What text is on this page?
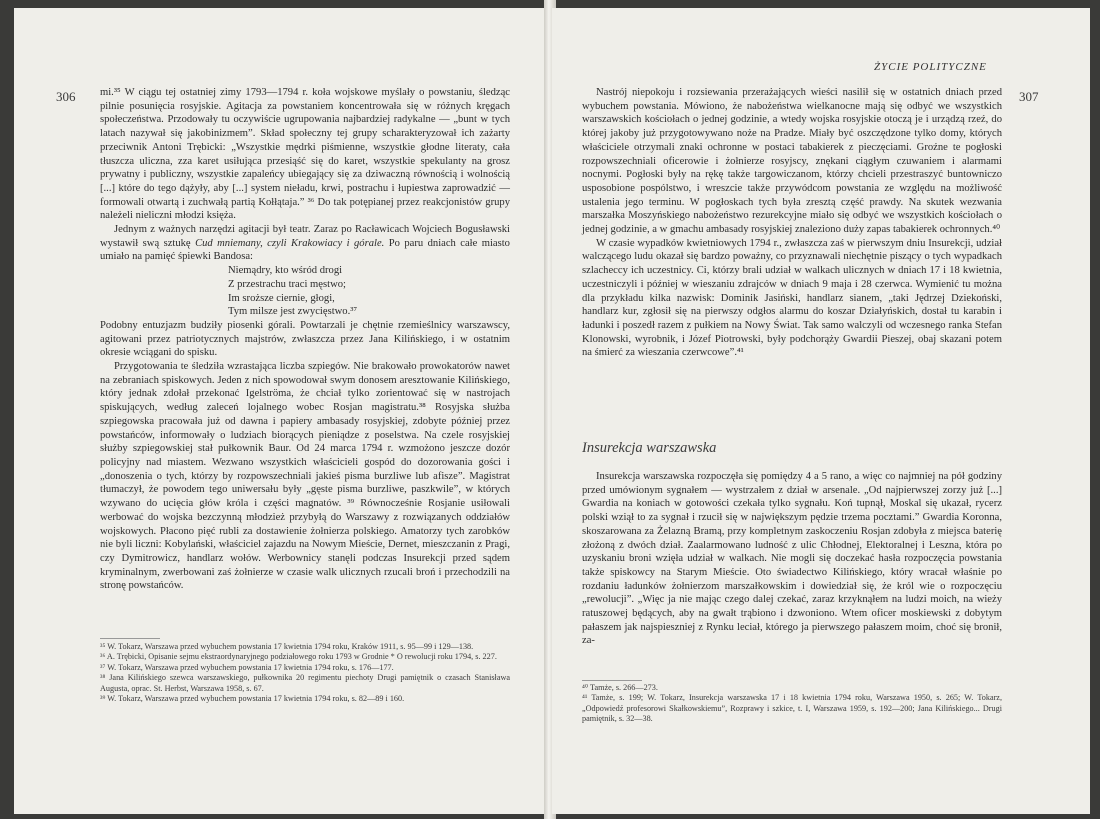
306 mi.³⁵ W ciągu tej ostatniej zimy 1793—1794 r. koła wojskowe myślały o powstaniu, śledząc pilnie posunięcia rosyjskie. Agitacja za powstaniem koncentrowała się w różnych kręgach społeczeństwa. Przodowały tu oczywiście ugrupowania najbardziej radykalne — „bunt w tych latach nazywał się jakobinizmem”. Skład społeczny tej grupy scharakteryzował ich zażarty przeciwnik Antoni Trębicki: „Wszystkie mędrki piśmienne, wszystkie głodne literaty, cała tłuszcza uliczna, zza karet usiłująca przesiąść się do karet, wszystkie spekulanty na grosz prywatny i publiczny, wszystkie zapaleńcy ubiegający się za dziwaczną równością i wolnością [...] które do tego dążyły, aby [...] system nieładu, krwi, postrachu i łupiestwa zaprowadzić — formowali otwartą i zuchwałą partią Kołłątaja.” ³⁶ Do tak potępianej przez reakcjonistów grupy należeli nieliczni młodzi księża.

Jednym z ważnych narzędzi agitacji był teatr. Zaraz po Racławicach Wojciech Bogusławski wystawił swą sztukę Cud mniemany, czyli Krakowiacy i górale. Po paru dniach całe miasto umiało na pamięć śpiewki Bandosa:

Niemądry, kto wśród drogi
Z przestrachu traci męstwo;
Im sroższe ciernie, głogi,
Tym milsze jest zwycięstwo.³⁷

Podobny entuzjazm budziły piosenki górali. Powtarzali je chętnie rzemieślnicy warszawscy, agitowani przez patriotycznych majstrów, zwłaszcza przez Jana Kilińskiego, i w ostatnim okresie wciągani do spisku.

Przygotowania te śledziła wzrastająca liczba szpiegów. Nie brakowało prowokatorów nawet na zebraniach spiskowych. Jeden z nich spowodował swym donosem aresztowanie Kilińskiego, który jednak zdołał przekonać Igelströma, że chciał tylko zorientować się w nastrojach spiskujących, według zaleceń lojalnego wobec Rosjan magistratu.³⁸ Rosyjska służba szpiegowska pracowała już od dawna i papiery ambasady rosyjskiej, zdobyte później przez powstańców, informowały o ludziach biorących pieniądze z poselstwa. Na czele rosyjskiej służby szpiegowskiej stał pułkownik Baur. Od 24 marca 1794 r. wzmożono jeszcze dozór policyjny nad miastem. Wezwano wszystkich właścicieli gospód do dozorowania gości i „donoszenia o tych, którzy by rozpowszechniali jakieś pisma burzliwe lub afisze”. Magistrat tłumaczył, że powodem tego uniwersału były „gęste pisma burzliwe, paszkwile”, w których wzywano do ucięcia głów króla i części magnatów. ³⁹ Równocześnie Rosjanie usiłowali werbować do wojska bezczynną młodzież przybyłą do Warszawy z rozwiązanych oddziałów wojskowych. Płacono pięć rubli za dostawienie żołnierza polskiego. Amatorzy tych zarobków nie byli liczni: Kobylański, właściciel zajazdu na Nowym Mieście, Dernet, mieszczanin z Pragi, czy Dymitrowicz, handlarz wołów. Werbownicy stanęli podczas Insurekcji przed sądem kryminalnym, zwerbowani zaś żołnierze w czasie walk ulicznych rzucali broń i przechodzili na stronę powstańców.

³⁵ W. Tokarz, Warszawa przed wybuchem powstania 17 kwietnia 1794 roku, Kraków 1911, s. 95—99 i 129—138.

³⁶ A. Trębicki, Opisanie sejmu ekstraordynaryjnego podziałowego roku 1793 w Grodnie * O rewolucji roku 1794, s. 227.

³⁷ W. Tokarz, Warszawa przed wybuchem powstania 17 kwietnia 1794 roku, s. 176—177.

³⁸ Jana Kilińskiego szewca warszawskiego, pułkownika 20 regimentu piechoty Drugi pamiętnik o czasach Stanisława Augusta, oprac. St. Herbst, Warszawa 1958, s. 67.

³⁹ W. Tokarz, Warszawa przed wybuchem powstania 17 kwietnia 1794 roku, s. 82—89 i 160.

ŻYCIE POLITYCZNE
307

Nastrój niepokoju i rozsiewania przerażających wieści nasilił się w ostatnich dniach przed wybuchem powstania. Mówiono, że nabożeństwa wielkanocne mają się odbyć we wszystkich warszawskich kościołach o jednej godzinie, a wtedy wojska rosyjskie otoczą je i urządzą rzeź, do której jakoby już przygotowywano noże na Pradze. Miały być oszczędzone tylko domy, których właściciele otrzymali znaki ochronne w postaci tabakierek z pieczęciami. Groźne te pogłoski rozpowszechniali oficerowie i żołnierze rosyjscy, znękani ciągłym czuwaniem i alarmami nocnymi. Pogłoski były na rękę także targowiczanom, którzy chcieli przestraszyć buntowniczo usposobione pospólstwo, i wreszcie także przywódcom powstania ze względu na możliwość ustalenia jego terminu. W pogłoskach tych była zresztą część prawdy. Na skutek wezwania marszałka Moszyńskiego nabożeństwo rezurekcyjne miało się odbyć we wszystkich kościołach o jednej godzinie, a w gmachu ambasady rosyjskiej znaleziono duży zapas tabakierek ochronnych.⁴⁰

W czasie wypadków kwietniowych 1794 r., zwłaszcza zaś w pierwszym dniu Insurekcji, udział walczącego ludu okazał się bardzo poważny, co przyznawali niechętnie piszący o tych wypadkach szlacheccy ich uczestnicy. Ci, którzy brali udział w walkach ulicznych w dniach 17 i 18 kwietnia, uczestniczyli i później w wieszaniu zdrajców w dniach 9 maja i 28 czerwca. Wymienić tu można dla przykładu kilka nazwisk: Dominik Jasiński, handlarz sianem, „taki Jędrzej Dziekoński, handlarz kur, zgłosił się na pierwszy odgłos alarmu do koszar Działyńskich, dostał tu karabin i ładunki i poszedł razem z pułkiem na Nowy Świat. Tak samo walczyli od wczesnego ranka Stefan Klonowski, wyrobnik, i Józef Piotrowski, były podchorąży Gwardii Pieszej, obaj skazani potem na śmierć za wieszania czerwcowe”.⁴¹

Insurekcja warszawska

Insurekcja warszawska rozpoczęła się pomiędzy 4 a 5 rano, a więc co najmniej na pół godziny przed umówionym sygnałem — wystrzałem z dział w arsenale. „Od najpierwszej zorzy już [...] Gwardia na koniach w gotowości czekała tylko sygnału. Koń tupnął, Moskal się ukazał, rycerz polski wziął to za sygnał i rzucił się w największym pędzie trzema pocztami.” Gwardia Koronna, skoszarowana za Żelazną Bramą, przy kompletnym zaskoczeniu Rosjan zdobyła z miejsca baterię złożoną z dwóch dział. Zaalarmowano ludność z ulic Chłodnej, Elektoralnej i Leszna, która po uzyskaniu broni wzięła udział w walkach. Nie mogli się doczekać hasła rozpoczęcia powstania także spiskowcy na Starym Mieście. Oto świadectwo Kilińskiego, który wracał właśnie po rozdaniu ładunków żołnierzom marszałkowskim i dowiedział się, że król wie o rozpoczęciu „rewolucji”. „Więc ja nie mając czego dalej czekać, zaraz krzyknąłem na ludzi moich, na wieży ratuszowej będących, aby na gwałt trąbiono i dzwoniono. Wtem oficer moskiewski z dobytym pałaszem jak najspieszniej z Rynku leciał, którego ja pierwszego pałaszem moim, choć się bronił, za-

⁴⁰ Tamże, s. 266—273.

⁴¹ Tamże, s. 199; W. Tokarz, Insurekcja warszawska 17 i 18 kwietnia 1794 roku, Warszawa 1950, s. 265; W. Tokarz, „Odpowiedź profesorowi Skałkowskiemu”, Rozprawy i szkice, t. I, Warszawa 1959, s. 192—200; Jana Kilińskiego... Drugi pamiętnik, s. 32—38.
